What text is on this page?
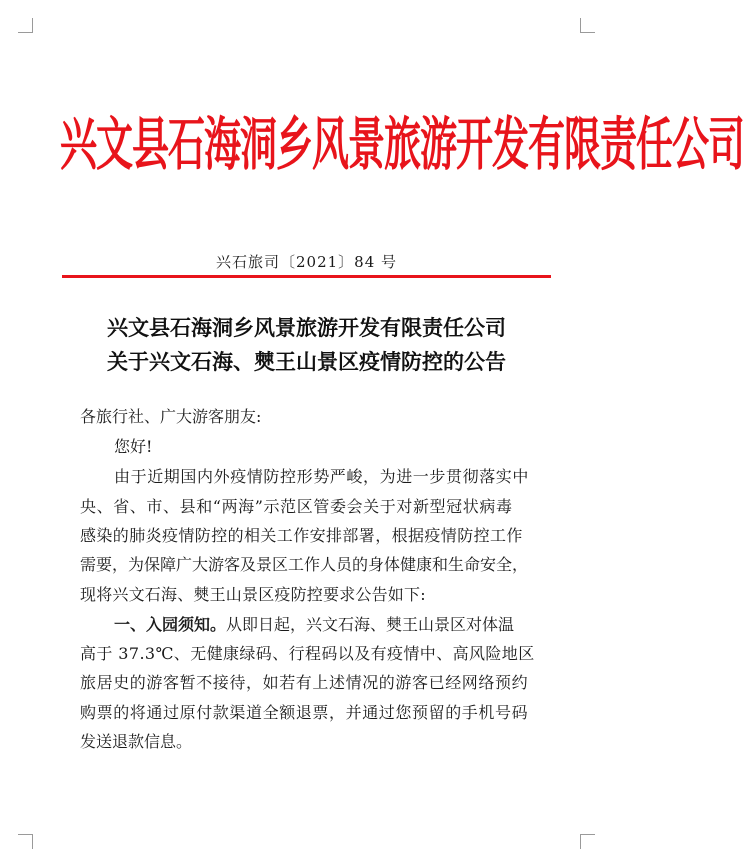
兴文县石海洞乡风景旅游开发有限责任公司
兴石旅司〔2021〕84 号
兴文县石海洞乡风景旅游开发有限责任公司
关于兴文石海、僰王山景区疫情防控的公告
各旅行社、广大游客朋友:
您好!
由于近期国内外疫情防控形势严峻，为进一步贯彻落实中
央、省、市、县和“两海”示范区管委会关于对新型冠状病毒
感染的肺炎疫情防控的相关工作安排部署，根据疫情防控工作
需要，为保障广大游客及景区工作人员的身体健康和生命安全，
现将兴文石海、僰王山景区疫防控要求公告如下:
一、入园须知。从即日起，兴文石海、僰王山景区对体温
高于 37.3℃、无健康绿码、行程码以及有疫情中、高风险地区
旅居史的游客暂不接待，如若有上述情况的游客已经网络预约
购票的将通过原付款渠道全额退票，并通过您预留的手机号码
发送退款信息。
